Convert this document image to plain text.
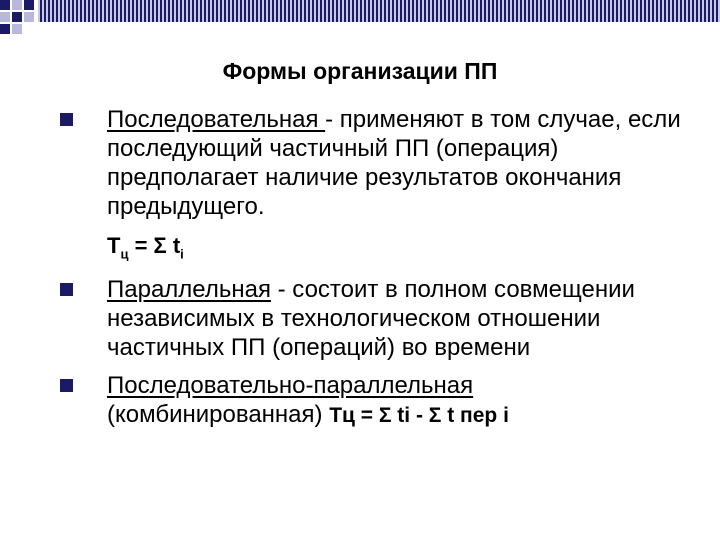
Формы организации ПП
Последовательная - применяют в том случае, если последующий частичный ПП (операция) предполагает наличие результатов окончания предыдущего.
$Т_ц = \Sigma$ $t_i$
Параллельная - состоит в полном совмещении независимых в технологическом отношении частичных ПП (операций) во времени
Последовательно-параллельная
(комбинированная) Тц = Σ ti - Σ t пер i
